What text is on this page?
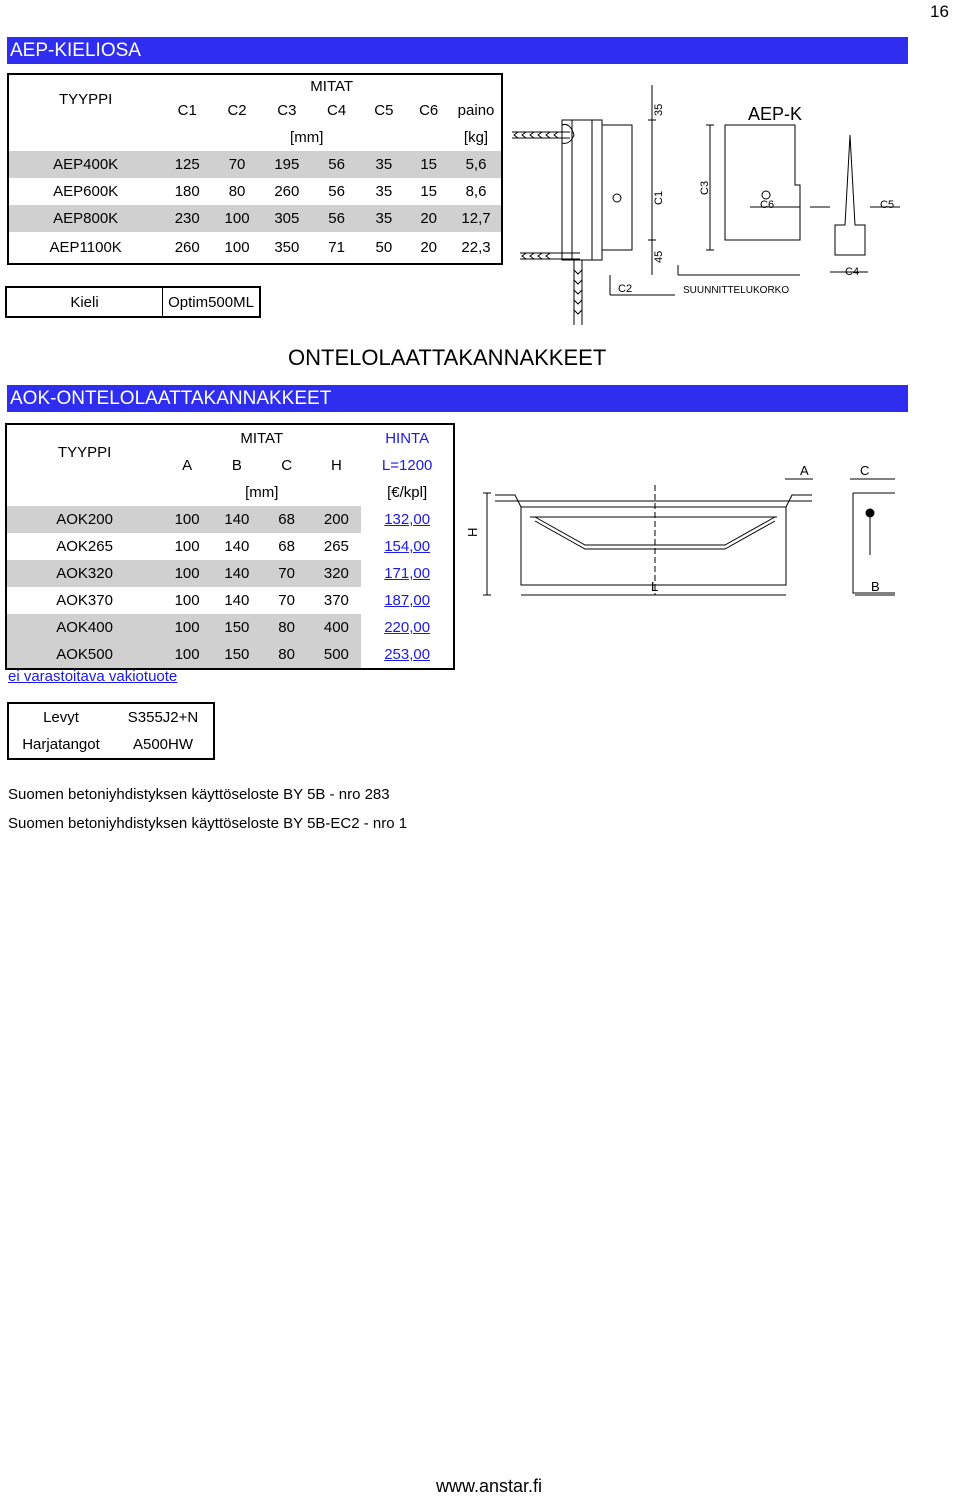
16
AEP-KIELIOSA
TYYPPI	MITAT						
	C1	C2	C3	C4	C5	C6	paino
	[mm]						[kg]
AEP400K	125	70	195	56	35	15	5,6
AEP600K	180	80	260	56	35	15	8,6
AEP800K	230	100	305	56	35	20	12,7
AEP1100K	260	100	350	71	50	20	22,3
Kieli	Optim500ML
AEP-K
35
C1
45
C3
C6	C5
C4
C2	SUUNNITTELUKORKO
ONTELOLAATTAKANNAKKEET
AOK-ONTELOLAATTAKANNAKKEET
TYYPPI	MITAT				HINTA
	A	B	C	H	L=1200
	[mm]				[€/kpl]
AOK200	100	140	68	200	132,00
AOK265	100	140	68	265	154,00
AOK320	100	140	70	320	171,00
AOK370	100	140	70	370	187,00
AOK400	100	150	80	400	220,00
AOK500	100	150	80	500	253,00
ei varastoitava vakiotuote
A	C
H
L	B
Levyt	S355J2+N
Harjatangot	A500HW
Suomen betoniyhdistyksen käyttöseloste BY 5B - nro 283
Suomen betoniyhdistyksen käyttöseloste BY 5B-EC2 - nro 1
www.anstar.fi
